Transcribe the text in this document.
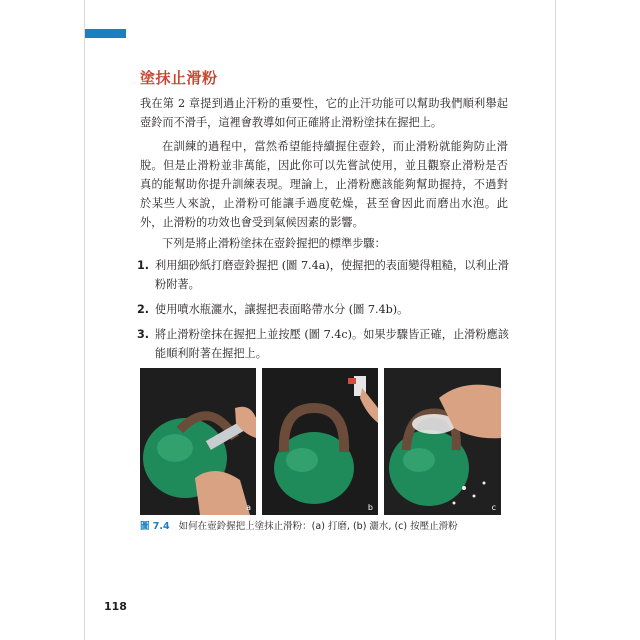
塗抹止滑粉

我在第 2 章提到過止汗粉的重要性，它的止汗功能可以幫助我們順利舉起壺鈴而不滑手，這裡會教導如何正確將止滑粉塗抹在握把上。

在訓練的過程中，當然希望能持續握住壺鈴，而止滑粉就能夠防止滑脫。但是止滑粉並非萬能，因此你可以先嘗試使用，並且觀察止滑粉是否真的能幫助你提升訓練表現。理論上，止滑粉應該能夠幫助握持，不過對於某些人來說，止滑粉可能讓手過度乾燥，甚至會因此而磨出水泡。此外，止滑粉的功效也會受到氣候因素的影響。

下列是將止滑粉塗抹在壺鈴握把的標準步驟：

1. 利用細砂紙打磨壺鈴握把 (圖 7.4a)，使握把的表面變得粗糙，以利止滑粉附著。
2. 使用噴水瓶灑水，讓握把表面略帶水分 (圖 7.4b)。
3. 將止滑粉塗抹在握把上並按壓 (圖 7.4c)。如果步驟皆正確，止滑粉應該能順利附著在握把上。
a	b	c
圖 7.4 如何在壺鈴握把上塗抹止滑粉：(a) 打磨, (b) 灑水, (c) 按壓止滑粉
118
